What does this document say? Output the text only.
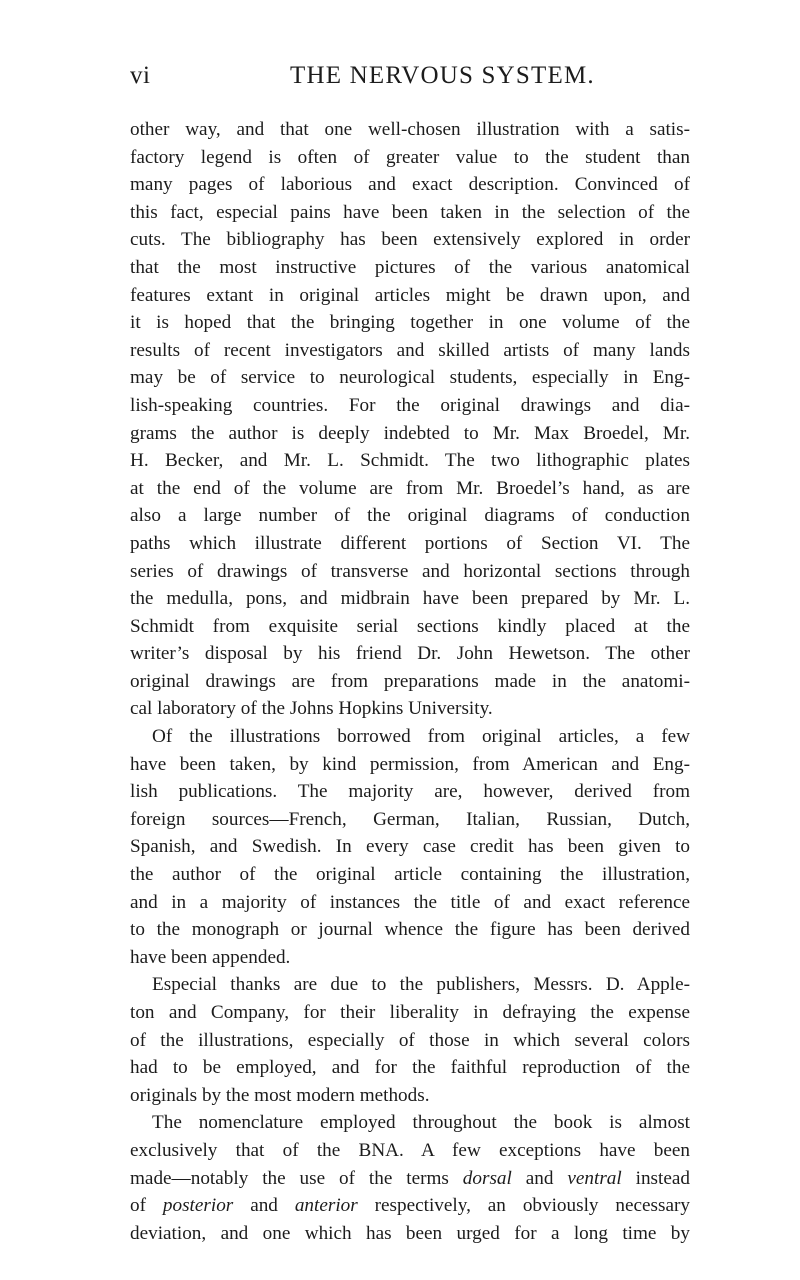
vi	THE NERVOUS SYSTEM.
other way, and that one well-chosen illustration with a satis-
factory legend is often of greater value to the student than
many pages of laborious and exact description. Convinced of
this fact, especial pains have been taken in the selection of the
cuts. The bibliography has been extensively explored in order
that the most instructive pictures of the various anatomical
features extant in original articles might be drawn upon, and
it is hoped that the bringing together in one volume of the
results of recent investigators and skilled artists of many lands
may be of service to neurological students, especially in Eng-
lish-speaking countries. For the original drawings and dia-
grams the author is deeply indebted to Mr. Max Broedel, Mr.
H. Becker, and Mr. L. Schmidt. The two lithographic plates
at the end of the volume are from Mr. Broedel’s hand, as are
also a large number of the original diagrams of conduction
paths which illustrate different portions of Section VI. The
series of drawings of transverse and horizontal sections through
the medulla, pons, and midbrain have been prepared by Mr. L.
Schmidt from exquisite serial sections kindly placed at the
writer’s disposal by his friend Dr. John Hewetson. The other
original drawings are from preparations made in the anatomi-
cal laboratory of the Johns Hopkins University.
Of the illustrations borrowed from original articles, a few
have been taken, by kind permission, from American and Eng-
lish publications. The majority are, however, derived from
foreign sources—French, German, Italian, Russian, Dutch,
Spanish, and Swedish. In every case credit has been given to
the author of the original article containing the illustration,
and in a majority of instances the title of and exact reference
to the monograph or journal whence the figure has been derived
have been appended.
Especial thanks are due to the publishers, Messrs. D. Apple-
ton and Company, for their liberality in defraying the expense
of the illustrations, especially of those in which several colors
had to be employed, and for the faithful reproduction of the
originals by the most modern methods.
The nomenclature employed throughout the book is almost
exclusively that of the BNA. A few exceptions have been
made—notably the use of the terms dorsal and ventral instead
of posterior and anterior respectively, an obviously necessary
deviation, and one which has been urged for a long time by
